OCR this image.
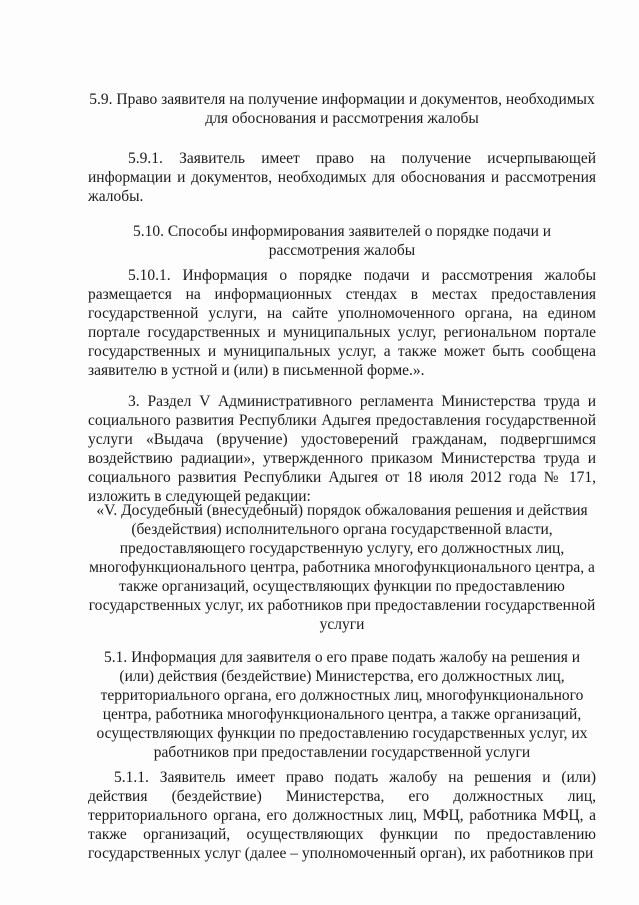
5.9. Право заявителя на получение информации и документов, необходимых для обоснования и рассмотрения жалобы
5.9.1. Заявитель имеет право на получение исчерпывающей информации и документов, необходимых для обоснования и рассмотрения жалобы.
5.10. Способы информирования заявителей о порядке подачи и рассмотрения жалобы
5.10.1. Информация о порядке подачи и рассмотрения жалобы размещается на информационных стендах в местах предоставления государственной услуги, на сайте уполномоченного органа, на едином портале государственных и муниципальных услуг, региональном портале государственных и муниципальных услуг, а также может быть сообщена заявителю в устной и (или) в письменной форме.».
3. Раздел V Административного регламента Министерства труда и социального развития Республики Адыгея предоставления государственной услуги «Выдача (вручение) удостоверений гражданам, подвергшимся воздействию радиации», утвержденного приказом Министерства труда и социального развития Республики Адыгея от 18 июля 2012 года № 171, изложить в следующей редакции:
«V. Досудебный (внесудебный) порядок обжалования решения и действия (бездействия) исполнительного органа государственной власти, предоставляющего государственную услугу, его должностных лиц, многофункционального центра, работника многофункционального центра, а также организаций, осуществляющих функции по предоставлению государственных услуг, их работников при предоставлении государственной услуги
5.1. Информация для заявителя о его праве подать жалобу на решения и (или) действия (бездействие) Министерства, его должностных лиц, территориального органа, его должностных лиц, многофункционального центра, работника многофункционального центра, а также организаций, осуществляющих функции по предоставлению государственных услуг, их работников при предоставлении государственной услуги
5.1.1. Заявитель имеет право подать жалобу на решения и (или) действия (бездействие) Министерства, его должностных лиц, территориального органа, его должностных лиц, МФЦ, работника МФЦ, а также организаций, осуществляющих функции по предоставлению государственных услуг (далее – уполномоченный орган), их работников при
